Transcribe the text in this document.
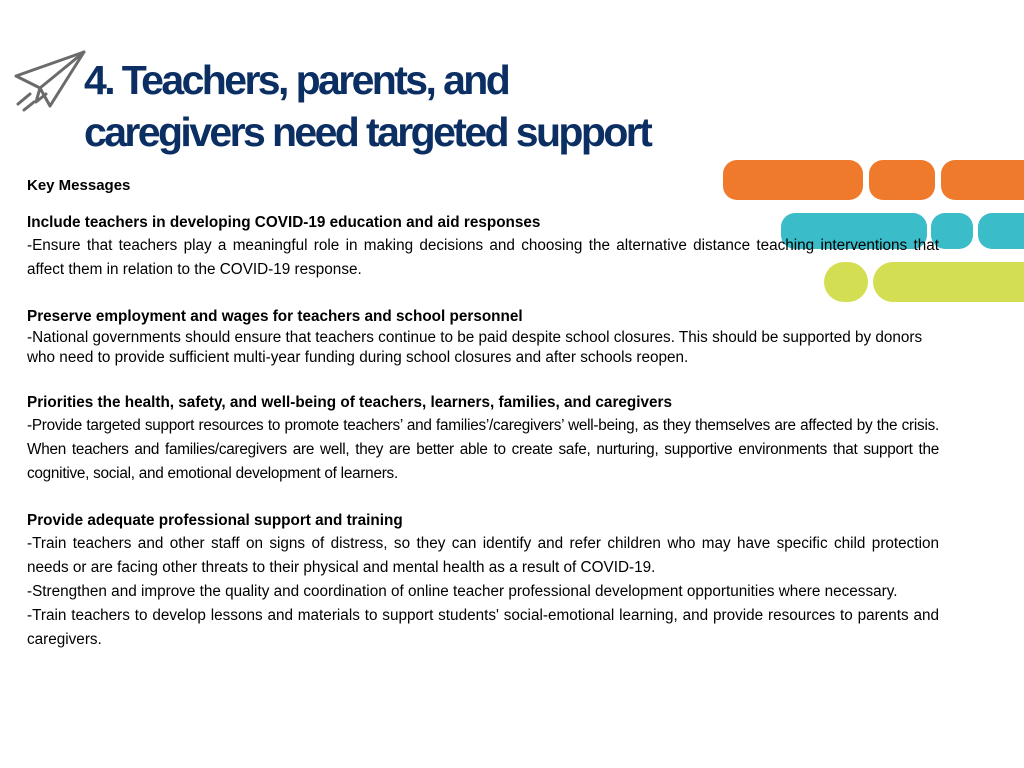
4. Teachers, parents, and
caregivers need targeted support
Key Messages
Include teachers in developing COVID-19 education and aid responses
-Ensure that teachers play a meaningful role in making decisions and choosing the alternative distance teaching interventions that affect them in relation to the COVID-19 response.
Preserve employment and wages for teachers and school personnel
-National governments should ensure that teachers continue to be paid despite school closures. This should be supported by donors who need to provide sufficient multi-year funding during school closures and after schools reopen.
Priorities the health, safety, and well-being of teachers, learners, families, and caregivers
-Provide targeted support resources to promote teachers’ and families’/caregivers’ well-being, as they themselves are affected by the crisis. When teachers and families/caregivers are well, they are better able to create safe, nurturing, supportive environments that support the cognitive, social, and emotional development of learners.
Provide adequate professional support and training
-Train teachers and other staff on signs of distress, so they can identify and refer children who may have specific child protection needs or are facing other threats to their physical and mental health as a result of COVID-19.
-Strengthen and improve the quality and coordination of online teacher professional development opportunities where necessary.
-Train teachers to develop lessons and materials to support students' social-emotional learning, and provide resources to parents and caregivers.
